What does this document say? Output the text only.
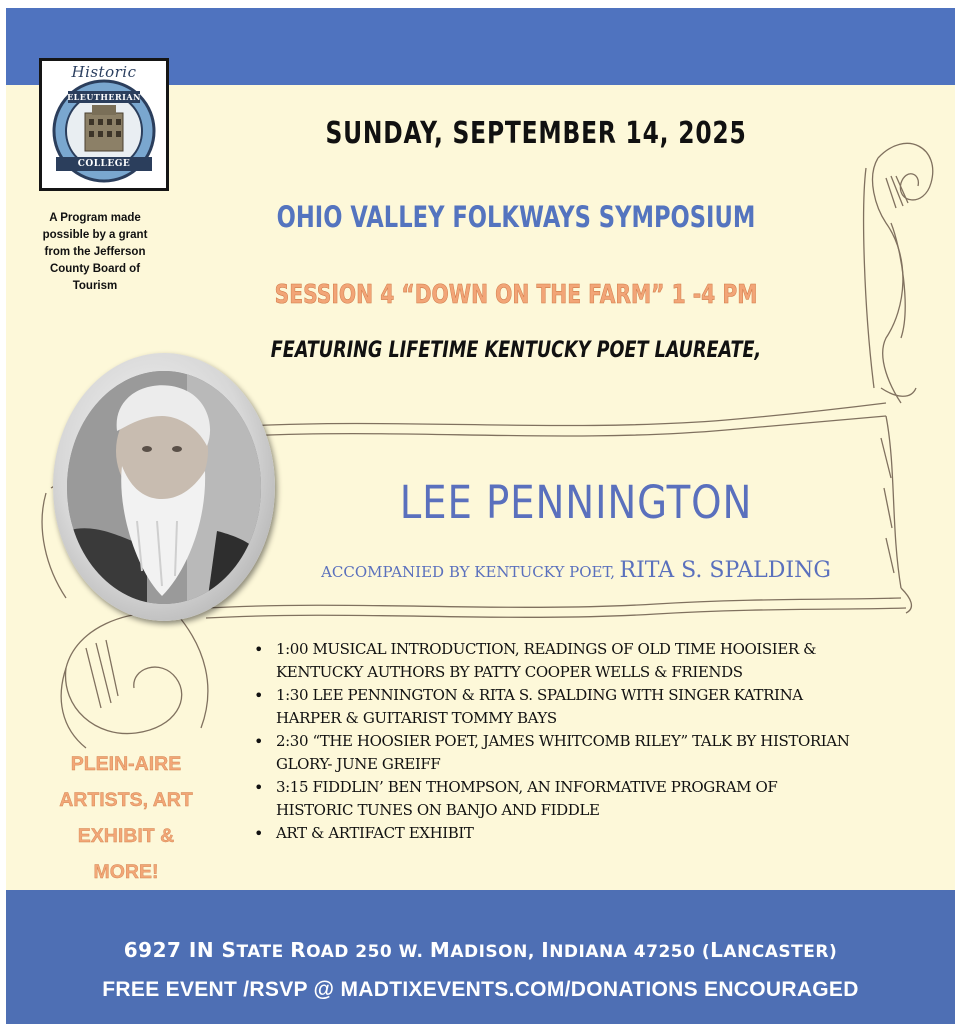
Historic
ELEUTHERIAN
COLLEGE
A Program made
possible by a grant
from the Jefferson
County Board of
Tourism
SUNDAY, SEPTEMBER 14, 2025
OHIO VALLEY FOLKWAYS SYMPOSIUM
SESSION 4 “DOWN ON THE FARM” 1 -4 PM
FEATURING LIFETIME KENTUCKY POET LAUREATE,
LEE PENNINGTON
ACCOMPANIED BY KENTUCKY POET, RITA S. SPALDING
PLEIN-AIRE
ARTISTS, ART
EXHIBIT &
MORE!
• 1:00 MUSICAL INTRODUCTION, READINGS OF OLD TIME HOOISIER &
KENTUCKY AUTHORS BY PATTY COOPER WELLS & FRIENDS
• 1:30 LEE PENNINGTON & RITA S. SPALDING WITH SINGER KATRINA
HARPER & GUITARIST TOMMY BAYS
• 2:30 “THE HOOSIER POET, JAMES WHITCOMB RILEY” TALK BY HISTORIAN
GLORY- JUNE GREIFF
• 3:15 FIDDLIN’ BEN THOMPSON, AN INFORMATIVE PROGRAM OF
HISTORIC TUNES ON BANJO AND FIDDLE
• ART & ARTIFACT EXHIBIT
6927 IN STATE ROAD 250 W. MADISON, INDIANA 47250 (LANCASTER)
FREE EVENT /RSVP @ MADTIXEVENTS.COM/DONATIONS ENCOURAGED
